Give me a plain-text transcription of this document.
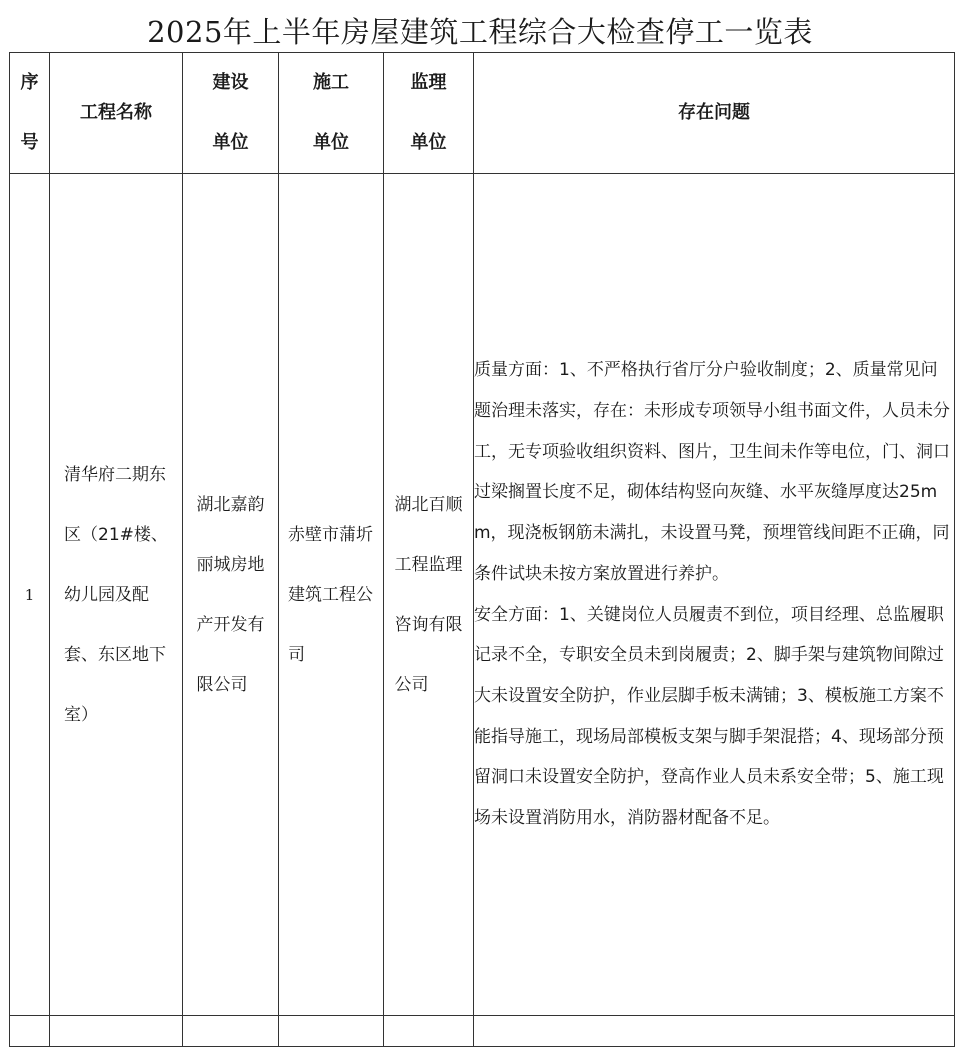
2025年上半年房屋建筑工程综合大检查停工一览表
序号	工程名称	建设单位	施工单位	监理单位	存在问题

1	清华府二期东区（21#楼、幼儿园及配套、东区地下室）	湖北嘉韵丽城房地产开发有限公司	赤壁市蒲圻建筑工程公司	湖北百顺工程监理咨询有限公司	质量方面：1、不严格执行省厅分户验收制度；2、质量常见问题治理未落实，存在：未形成专项领导小组书面文件，人员未分工，无专项验收组织资料、图片，卫生间未作等电位，门、洞口过梁搁置长度不足，砌体结构竖向灰缝、水平灰缝厚度达25mm，现浇板钢筋未满扎，未设置马凳，预埋管线间距不正确，同条件试块未按方案放置进行养护。

安全方面：1、关键岗位人员履责不到位，项目经理、总监履职记录不全，专职安全员未到岗履责；2、脚手架与建筑物间隙过大未设置安全防护，作业层脚手板未满铺；3、模板施工方案不能指导施工，现场局部模板支架与脚手架混搭；4、现场部分预留洞口未设置安全防护，登高作业人员未系安全带；5、施工现场未设置消防用水，消防器材配备不足。
